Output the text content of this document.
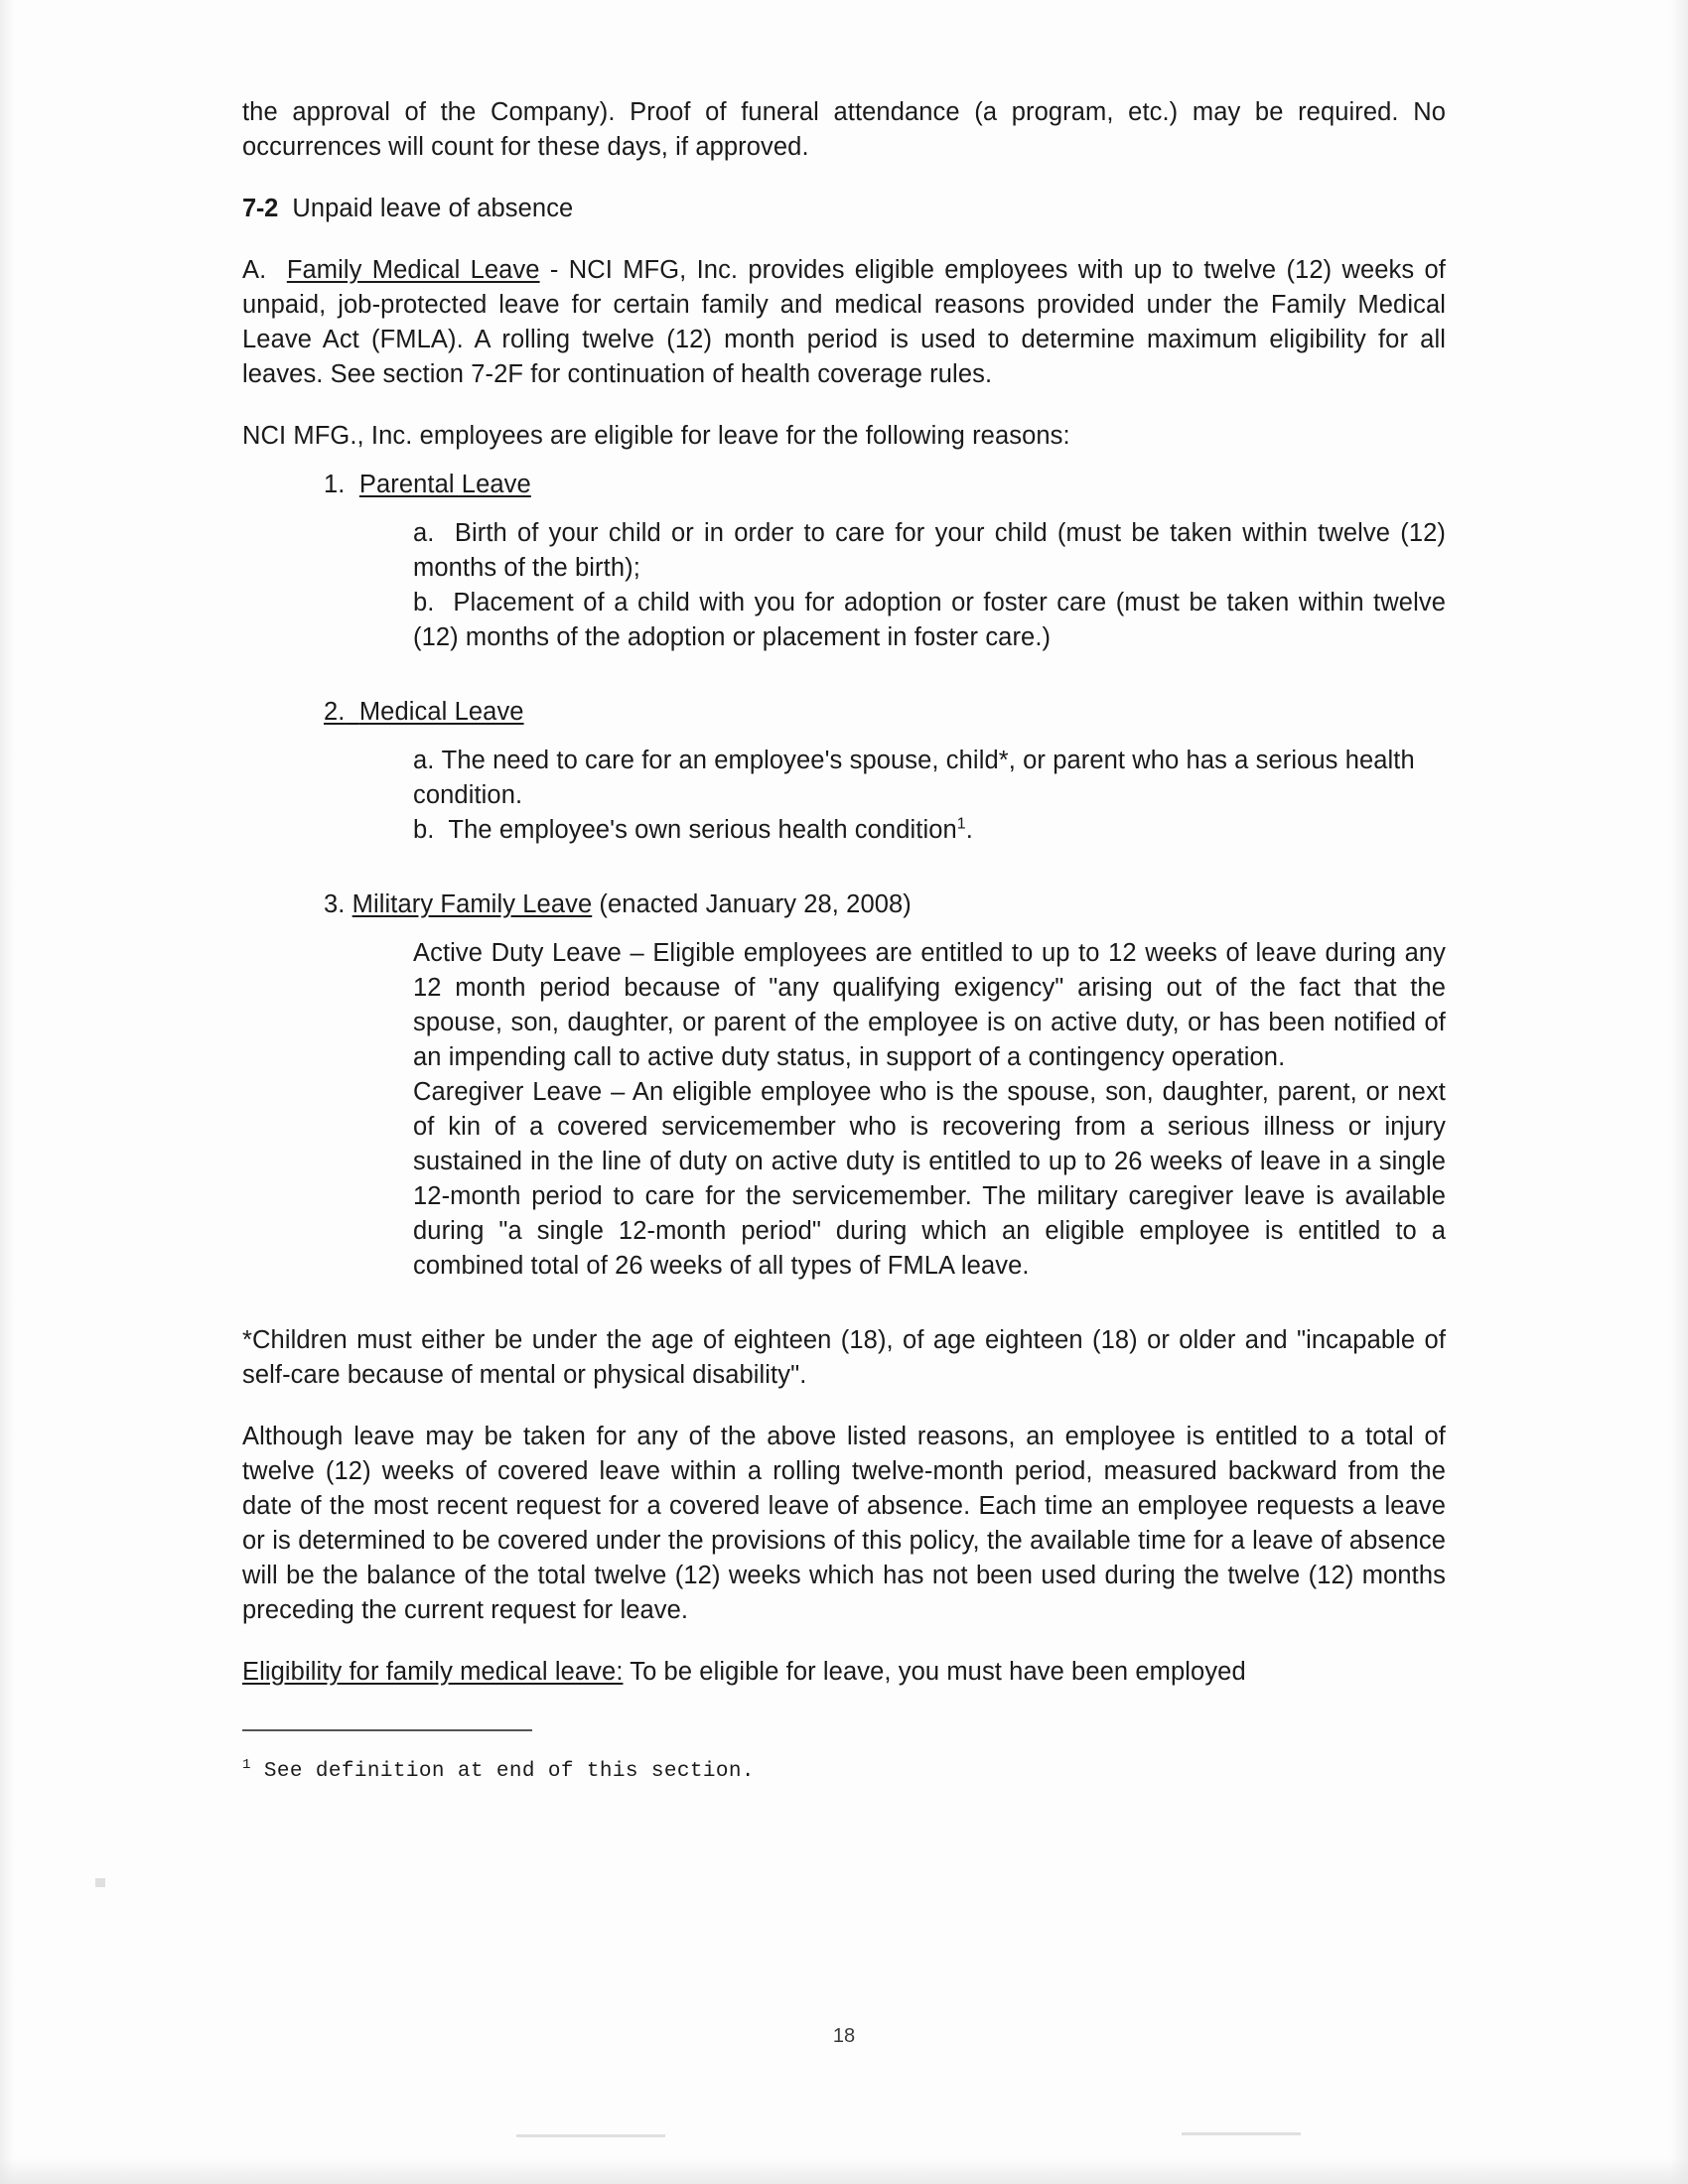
the approval of the Company). Proof of funeral attendance (a program, etc.) may be required. No occurrences will count for these days, if approved.

7-2 Unpaid leave of absence

A. Family Medical Leave - NCI MFG, Inc. provides eligible employees with up to twelve (12) weeks of unpaid, job-protected leave for certain family and medical reasons provided under the Family Medical Leave Act (FMLA). A rolling twelve (12) month period is used to determine maximum eligibility for all leaves. See section 7-2F for continuation of health coverage rules.

NCI MFG., Inc. employees are eligible for leave for the following reasons:

1. Parental Leave

a. Birth of your child or in order to care for your child (must be taken within twelve (12) months of the birth);

b. Placement of a child with you for adoption or foster care (must be taken within twelve (12) months of the adoption or placement in foster care.)

2. Medical Leave

a. The need to care for an employee's spouse, child*, or parent who has a serious health condition.

b. The employee's own serious health condition$^1$.

3. Military Family Leave (enacted January 28, 2008)

Active Duty Leave – Eligible employees are entitled to up to 12 weeks of leave during any 12 month period because of "any qualifying exigency" arising out of the fact that the spouse, son, daughter, or parent of the employee is on active duty, or has been notified of an impending call to active duty status, in support of a contingency operation.

Caregiver Leave – An eligible employee who is the spouse, son, daughter, parent, or next of kin of a covered servicemember who is recovering from a serious illness or injury sustained in the line of duty on active duty is entitled to up to 26 weeks of leave in a single 12-month period to care for the servicemember. The military caregiver leave is available during "a single 12-month period" during which an eligible employee is entitled to a combined total of 26 weeks of all types of FMLA leave.

*Children must either be under the age of eighteen (18), of age eighteen (18) or older and "incapable of self-care because of mental or physical disability".

Although leave may be taken for any of the above listed reasons, an employee is entitled to a total of twelve (12) weeks of covered leave within a rolling twelve-month period, measured backward from the date of the most recent request for a covered leave of absence. Each time an employee requests a leave or is determined to be covered under the provisions of this policy, the available time for a leave of absence will be the balance of the total twelve (12) weeks which has not been used during the twelve (12) months preceding the current request for leave.

Eligibility for family medical leave: To be eligible for leave, you must have been employed

$^1$ See definition at end of this section.

18
